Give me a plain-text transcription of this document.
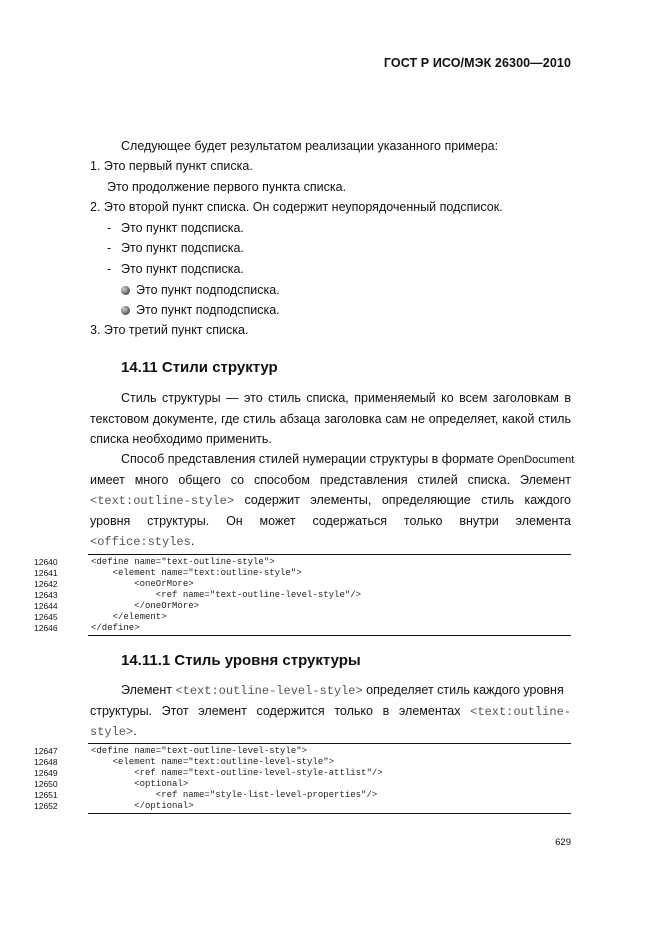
ГОСТ Р ИСО/МЭК 26300—2010
Следующее будет результатом реализации указанного примера:
1. Это первый пункт списка.
Это продолжение первого пункта списка.
2. Это второй пункт списка. Он содержит неупорядоченный подсписок.
- Это пункт подсписка.
- Это пункт подсписка.
- Это пункт подсписка.
Это пункт подподсписка.
Это пункт подподсписка.
3. Это третий пункт списка.
14.11 Стили структур
Стиль структуры — это стиль списка, применяемый ко всем заголовкам в
текстовом документе, где стиль абзаца заголовка сам не определяет, какой стиль
списка необходимо применить.
Способ представления стилей нумерации структуры в формате OpenDocument
имеет много общего со способом представления стилей списка. Элемент
<text:outline-style> содержит элементы, определяющие стиль каждого
уровня структуры. Он может содержаться только внутри элемента
<office:styles.
12640	<define name="text-outline-style">
12641	<element name="text:outline-style">
12642	<oneOrMore>
12643	<ref name="text-outline-level-style"/>
12644	</oneOrMore>
12645	</element>
12646	</define>
14.11.1 Стиль уровня структуры
Элемент <text:outline-level-style> определяет стиль каждого уровня
структуры. Этот элемент содержится только в элементах <text:outline-
style>.
12647	<define name="text-outline-level-style">
12648	<element name="text:outline-level-style">
12649	<ref name="text-outline-level-style-attlist"/>
12650	<optional>
12651	<ref name="style-list-level-properties"/>
12652	</optional>
629
